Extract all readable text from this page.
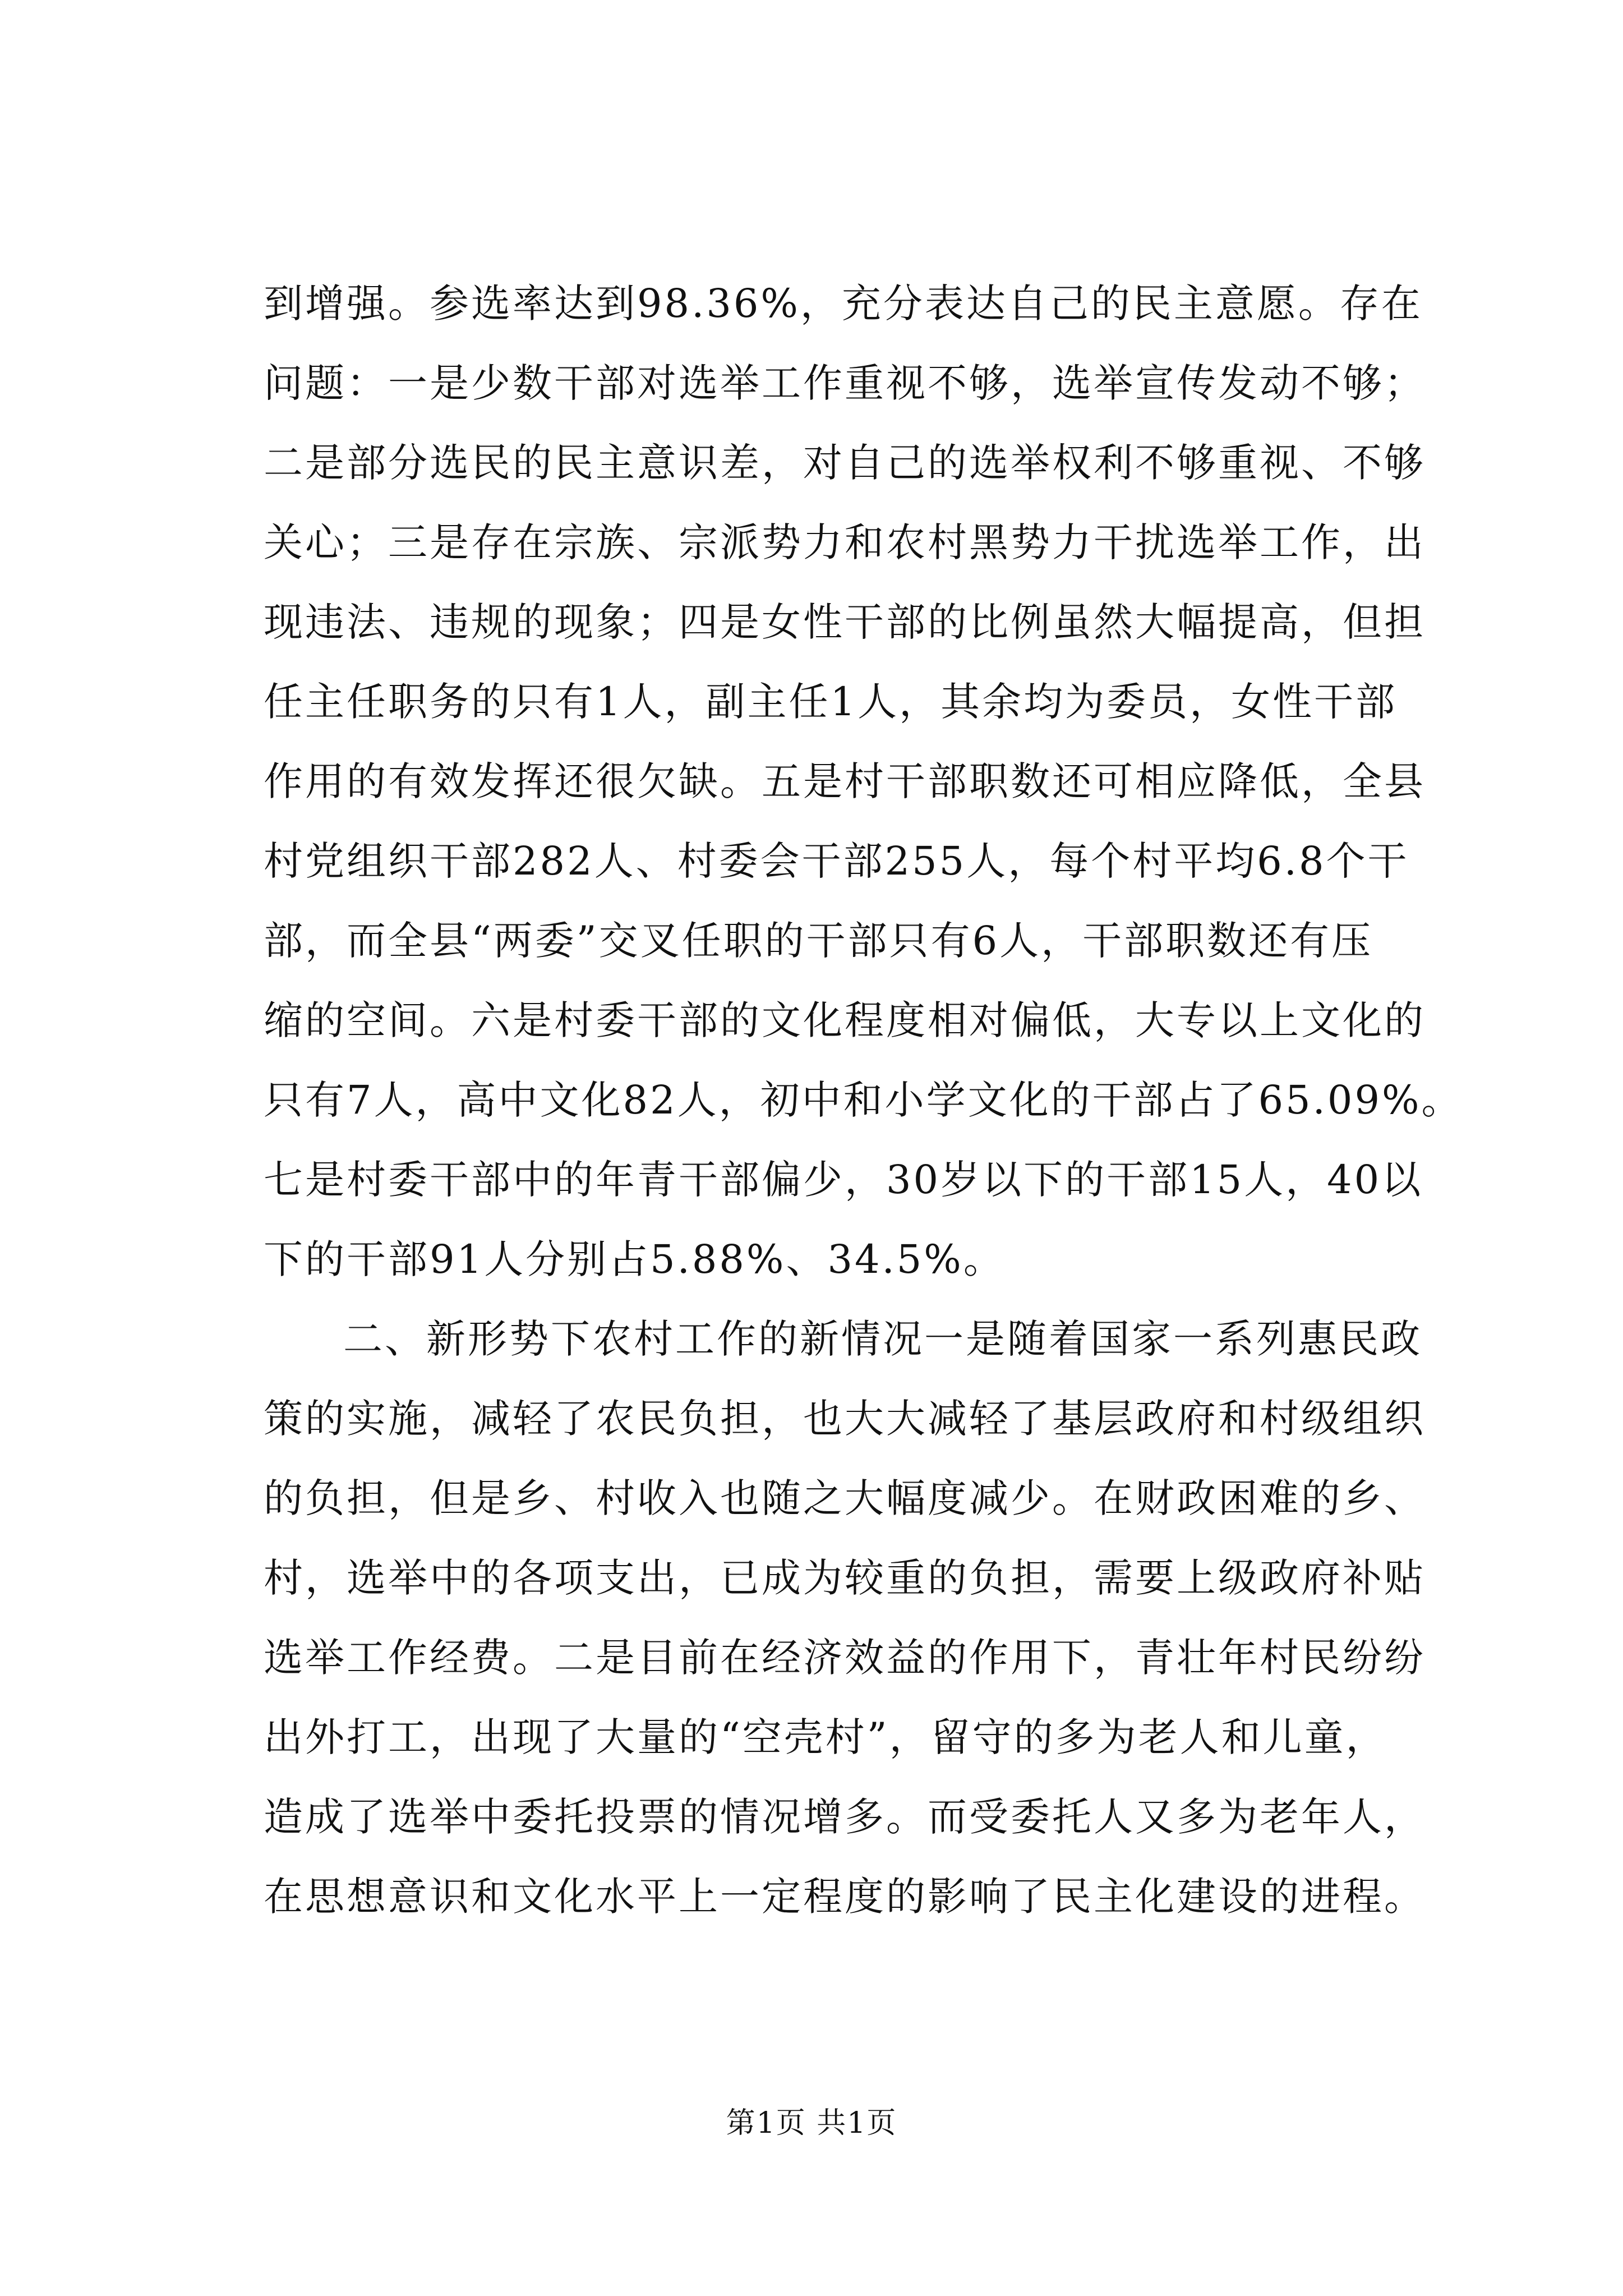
到增强。参选率达到98.36%，充分表达自己的民主意愿。存在
问题：一是少数干部对选举工作重视不够，选举宣传发动不够；
二是部分选民的民主意识差，对自己的选举权利不够重视、不够
关心；三是存在宗族、宗派势力和农村黑势力干扰选举工作，出
现违法、违规的现象；四是女性干部的比例虽然大幅提高，但担
任主任职务的只有1人，副主任1人，其余均为委员，女性干部
作用的有效发挥还很欠缺。五是村干部职数还可相应降低，全县
村党组织干部282人、村委会干部255人，每个村平均6.8个干
部，而全县“两委”交叉任职的干部只有6人，干部职数还有压
缩的空间。六是村委干部的文化程度相对偏低，大专以上文化的
只有7人，高中文化82人，初中和小学文化的干部占了65.09%。
七是村委干部中的年青干部偏少，30岁以下的干部15人，40以
下的干部91人分别占5.88%、34.5%。
二、新形势下农村工作的新情况一是随着国家一系列惠民政
策的实施，减轻了农民负担，也大大减轻了基层政府和村级组织
的负担，但是乡、村收入也随之大幅度减少。在财政困难的乡、
村，选举中的各项支出，已成为较重的负担，需要上级政府补贴
选举工作经费。二是目前在经济效益的作用下，青壮年村民纷纷
出外打工，出现了大量的“空壳村”，留守的多为老人和儿童，
造成了选举中委托投票的情况增多。而受委托人又多为老年人，
在思想意识和文化水平上一定程度的影响了民主化建设的进程。
第1页 共1页
